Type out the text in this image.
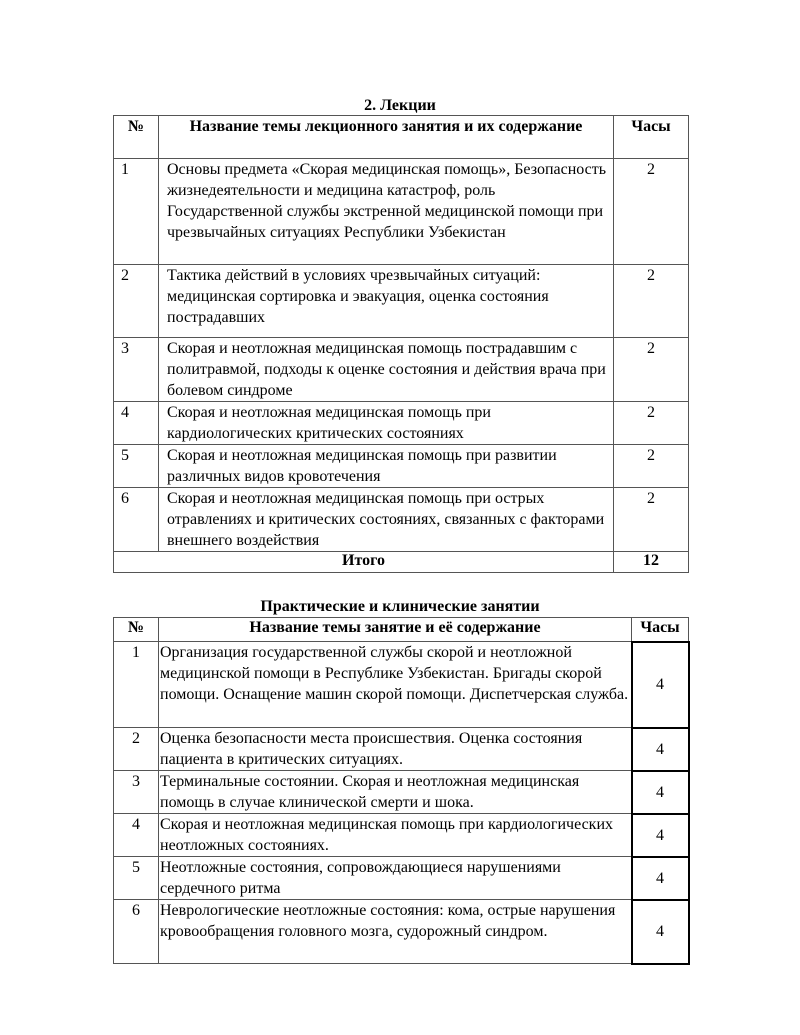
2. Лекции
№	Название темы лекционного занятия и их содержание	Часы
1	Основы предмета «Скорая медицинская помощь», Безопасность жизнедеятельности и медицина катастроф, роль Государственной службы экстренной медицинской помощи при чрезвычайных ситуациях Республики Узбекистан	2
2	Тактика действий в условиях чрезвычайных ситуаций: медицинская сортировка и эвакуация, оценка состояния пострадавших	2
3	Скорая и неотложная медицинская помощь пострадавшим с политравмой, подходы к оценке состояния и действия врача при болевом синдроме	2
4	Скорая и неотложная медицинская помощь при кардиологических критических состояниях	2
5	Скорая и неотложная медицинская помощь при развитии различных видов кровотечения	2
6	Скорая и неотложная медицинская помощь при острых отравлениях и критических состояниях, связанных с факторами внешнего воздействия	2
Итого		12
Практические и клинические занятии
№	Название темы занятие и её содержание	Часы
1	Организация государственной службы скорой и неотложной медицинской помощи в Республике Узбекистан. Бригады скорой помощи. Оснащение машин скорой помощи. Диспетчерская служба.	4
2	Оценка безопасности места происшествия. Оценка состояния пациента в критических ситуациях.	4
3	Терминальные состоянии. Скорая и неотложная медицинская помощь в случае клинической смерти и шока.	4
4	Скорая и неотложная медицинская помощь при кардиологических неотложных состояниях.	4
5	Неотложные состояния, сопровождающиеся нарушениями сердечного ритма	4
6	Неврологические неотложные состояния: кома, острые нарушения кровообращения головного мозга, судорожный синдром.	4
